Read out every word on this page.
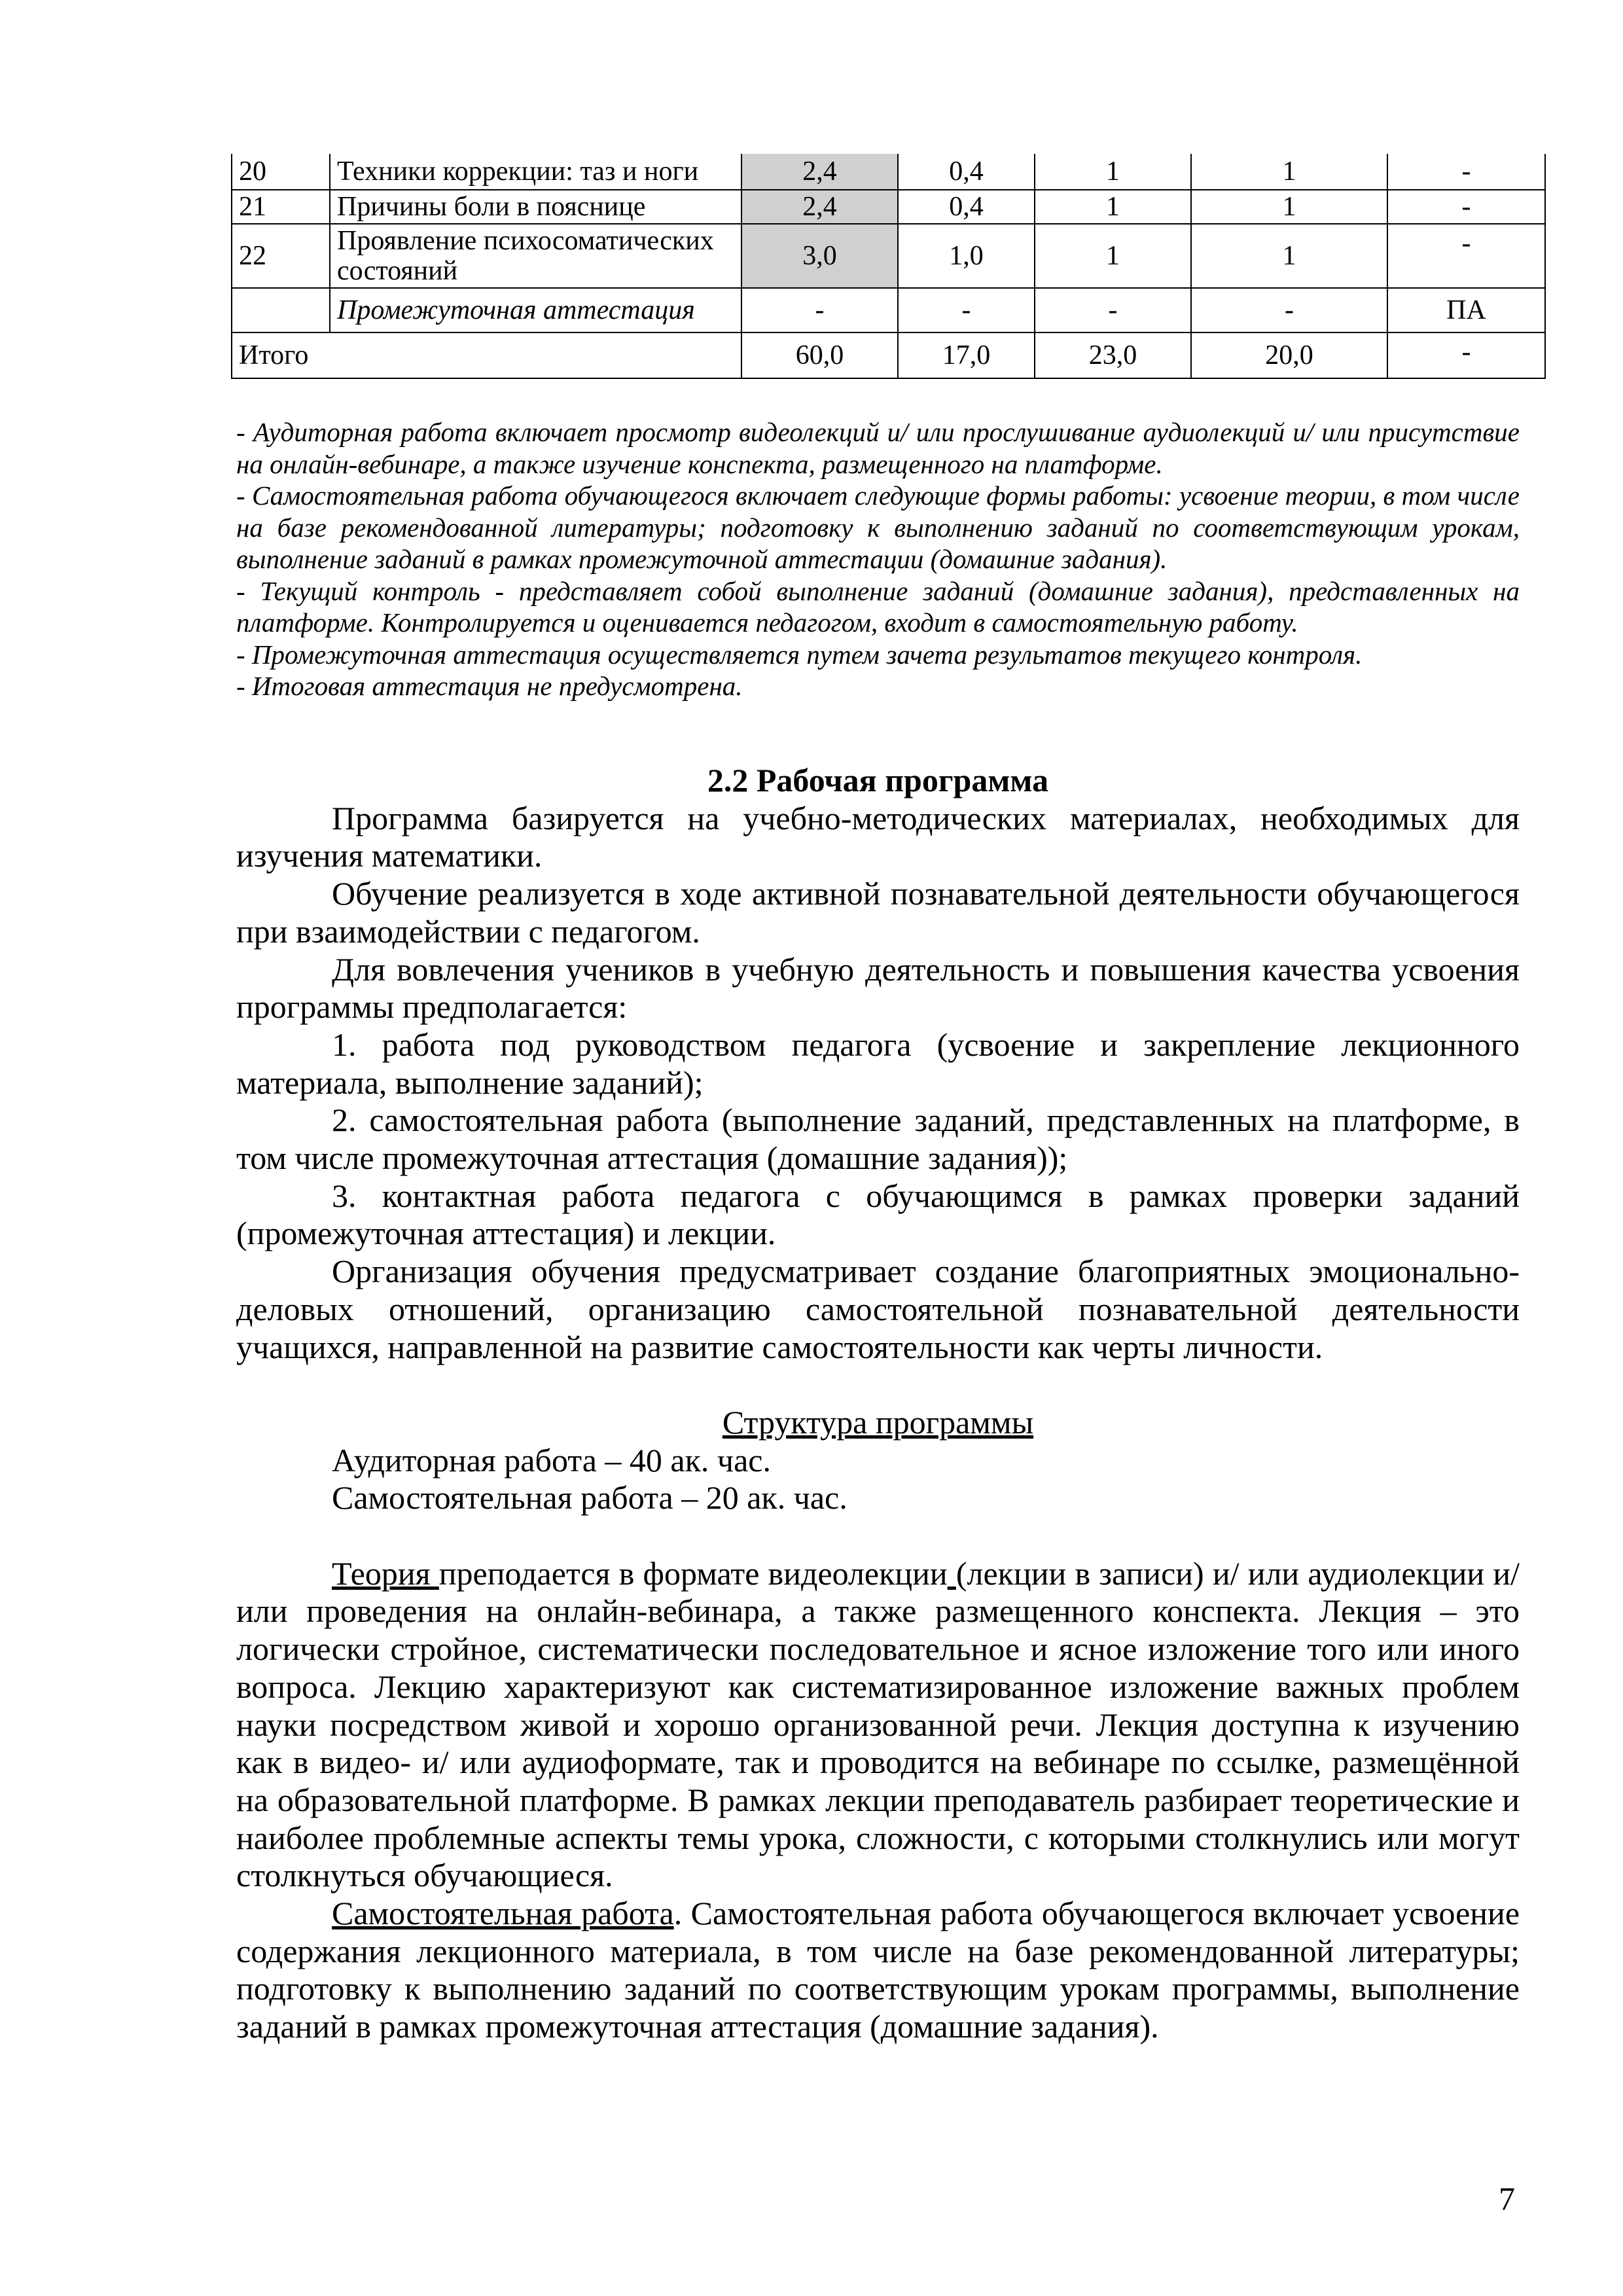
20	Техники коррекции: таз и ноги	2,4	0,4	1	1	-
21	Причины боли в пояснице	2,4	0,4	1	1	-
22	Проявление психосоматических состояний	3,0	1,0	1	1	-
	Промежуточная аттестация	-	-	-	-	ПА
Итого		60,0	17,0	23,0	20,0	-

- Аудиторная работа включает просмотр видеолекций и/ или прослушивание аудиолекций и/ или присутствие на онлайн-вебинаре, а также изучение конспекта, размещенного на платформе.

- Самостоятельная работа обучающегося включает следующие формы работы: усвоение теории, в том числе на базе рекомендованной литературы; подготовку к выполнению заданий по соответствующим урокам, выполнение заданий в рамках промежуточной аттестации (домашние задания).

- Текущий контроль - представляет собой выполнение заданий (домашние задания), представленных на платформе. Контролируется и оценивается педагогом, входит в самостоятельную работу.

- Промежуточная аттестация осуществляется путем зачета результатов текущего контроля.

- Итоговая аттестация не предусмотрена.

2.2 Рабочая программа

Программа базируется на учебно-методических материалах, необходимых для изучения математики.

Обучение реализуется в ходе активной познавательной деятельности обучающегося при взаимодействии с педагогом.

Для вовлечения учеников в учебную деятельность и повышения качества усвоения программы предполагается:

1. работа под руководством педагога (усвоение и закрепление лекционного материала, выполнение заданий);

2. самостоятельная работа (выполнение заданий, представленных на платформе, в том числе промежуточная аттестация (домашние задания));

3. контактная работа педагога с обучающимся в рамках проверки заданий (промежуточная аттестация) и лекции.

Организация обучения предусматривает создание благоприятных эмоционально-деловых отношений, организацию самостоятельной познавательной деятельности учащихся, направленной на развитие самостоятельности как черты личности.

Структура программы

Аудиторная работа – 40 ак. час.

Самостоятельная работа – 20 ак. час.

Теория преподается в формате видеолекции (лекции в записи) и/ или аудиолекции и/ или проведения на онлайн-вебинара, а также размещенного конспекта. Лекция – это логически стройное, систематически последовательное и ясное изложение того или иного вопроса. Лекцию характеризуют как систематизированное изложение важных проблем науки посредством живой и хорошо организованной речи. Лекция доступна к изучению как в видео- и/ или аудиоформате, так и проводится на вебинаре по ссылке, размещённой на образовательной платформе. В рамках лекции преподаватель разбирает теоретические и наиболее проблемные аспекты темы урока, сложности, с которыми столкнулись или могут столкнуться обучающиеся.

Самостоятельная работа. Самостоятельная работа обучающегося включает усвоение содержания лекционного материала, в том числе на базе рекомендованной литературы; подготовку к выполнению заданий по соответствующим урокам программы, выполнение заданий в рамках промежуточная аттестация (домашние задания).

7
